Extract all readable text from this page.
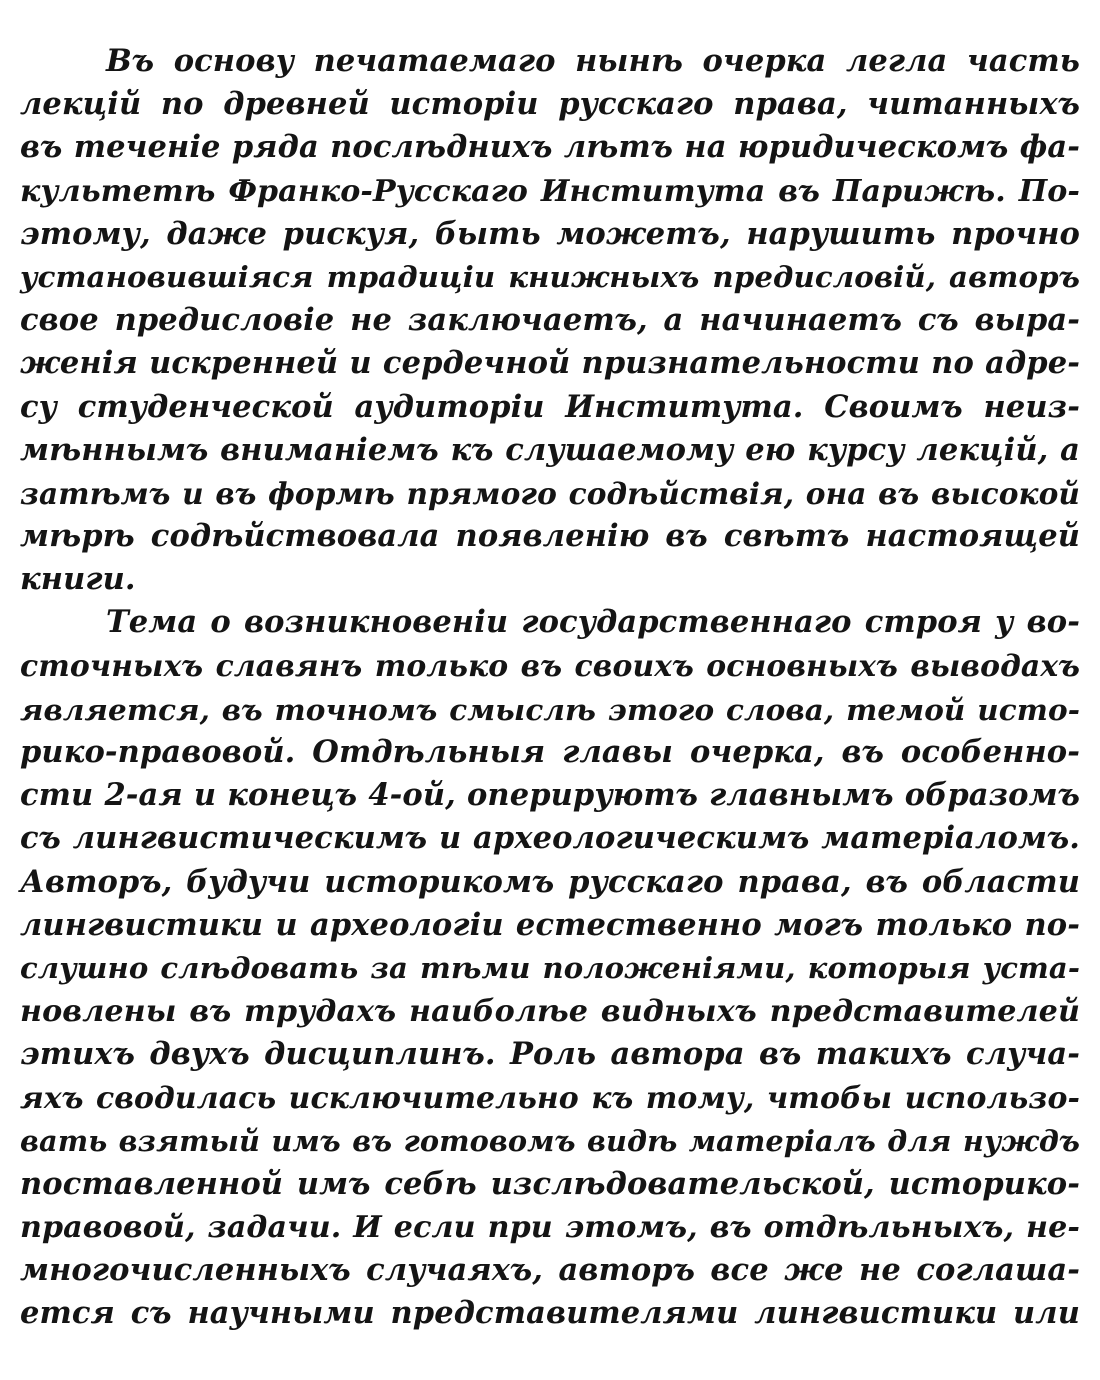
Въ основу печатаемаго нынѣ очерка легла часть
лекцій по древней исторіи русскаго права, читанныхъ
въ теченіе ряда послѣднихъ лѣтъ на юридическомъ фа-
культетѣ Франко-Русскаго Института въ Парижѣ. По-
этому, даже рискуя, быть можетъ, нарушить прочно
установившіяся традиціи книжныхъ предисловій, авторъ
свое предисловіе не заключаетъ, а начинаетъ съ выра-
женія искренней и сердечной признательности по адре-
су студенческой аудиторіи Института. Своимъ неиз-
мѣннымъ вниманіемъ къ слушаемому ею курсу лекцій, а
затѣмъ и въ формѣ прямого содѣйствія, она въ высокой
мѣрѣ содѣйствовала появленію въ свѣтъ настоящей
книги.
Тема о возникновеніи государственнаго строя у во-
сточныхъ славянъ только въ своихъ основныхъ выводахъ
является, въ точномъ смыслѣ этого слова, темой исто-
рико-правовой. Отдѣльныя главы очерка, въ особенно-
сти 2-ая и конецъ 4-ой, оперируютъ главнымъ образомъ
съ лингвистическимъ и археологическимъ матеріаломъ.
Авторъ, будучи историкомъ русскаго права, въ области
лингвистики и археологіи естественно могъ только по-
слушно слѣдовать за тѣми положеніями, которыя уста-
новлены въ трудахъ наиболѣе видныхъ представителей
этихъ двухъ дисциплинъ. Роль автора въ такихъ случа-
яхъ сводилась исключительно къ тому, чтобы использо-
вать взятый имъ въ готовомъ видѣ матеріалъ для нуждъ
поставленной имъ себѣ изслѣдовательской, историко-
правовой, задачи. И если при этомъ, въ отдѣльныхъ, не-
многочисленныхъ случаяхъ, авторъ все же не соглаша-
ется съ научными представителями лингвистики или
